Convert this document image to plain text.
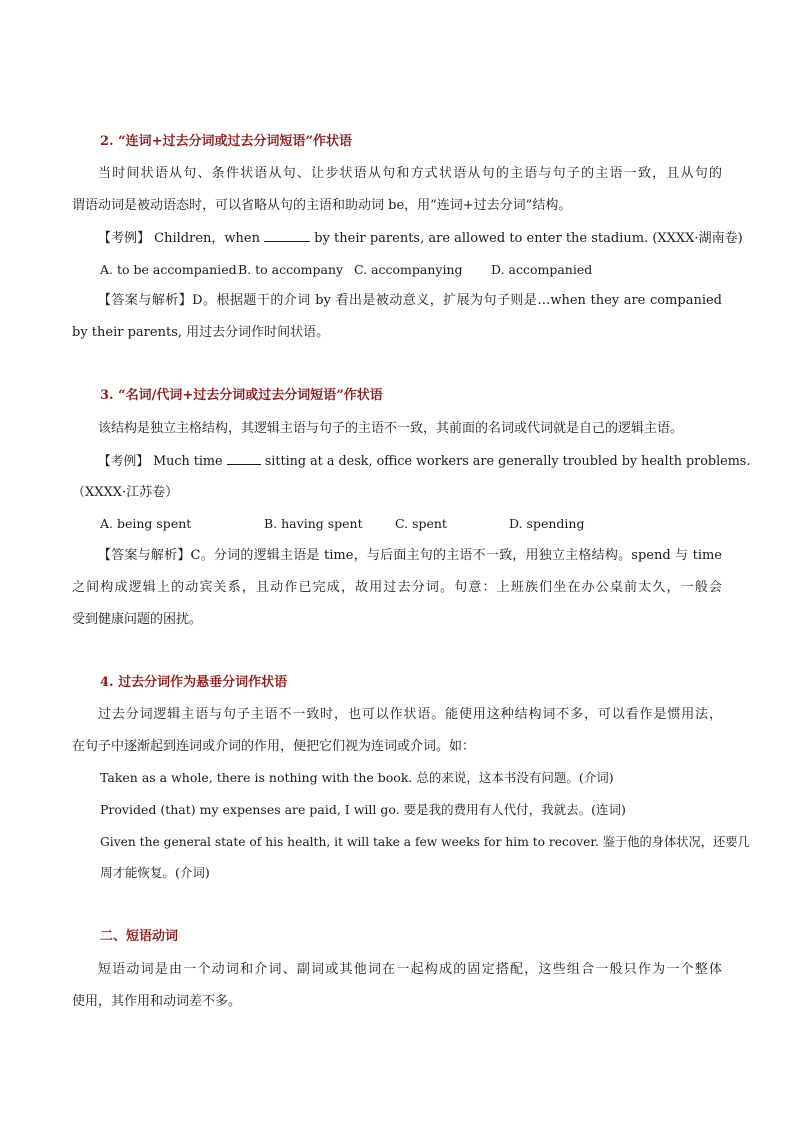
2. “连词+过去分词或过去分词短语”作状语
当时间状语从句、条件状语从句、让步状语从句和方式状语从句的主语与句子的主语一致，且从句的
谓语动词是被动语态时，可以省略从句的主语和助动词 be，用“连词+过去分词”结构。
【考例】 Children，when	by their parents, are allowed to enter the stadium. (XXXX·湖南卷)
A. to be accompaniedB. to accompany C. accompanying D. accompanied
【答案与解析】D。根据题干的介词 by 看出是被动意义，扩展为句子则是…when they are companied
by their parents, 用过去分词作时间状语。
3. “名词/代词+过去分词或过去分词短语”作状语
该结构是独立主格结构，其逻辑主语与句子的主语不一致，其前面的名词或代词就是自己的逻辑主语。
【考例】 Much time	sitting at a desk, office workers are generally troubled by health problems.
（XXXX·江苏卷）
A. being spent	B. having spent	C. spent	D. spending
【答案与解析】C。分词的逻辑主语是 time，与后面主句的主语不一致，用独立主格结构。spend 与 time
之间构成逻辑上的动宾关系，且动作已完成，故用过去分词。句意：上班族们坐在办公桌前太久，一般会
受到健康问题的困扰。
4. 过去分词作为悬垂分词作状语
过去分词逻辑主语与句子主语不一致时，也可以作状语。能使用这种结构词不多，可以看作是惯用法，
在句子中逐渐起到连词或介词的作用，便把它们视为连词或介词。如：
Taken as a whole, there is nothing with the book. 总的来说，这本书没有问题。(介词)
Provided (that) my expenses are paid, I will go. 要是我的费用有人代付，我就去。(连词)
Given the general state of his health, it will take a few weeks for him to recover. 鉴于他的身体状况，还要几
周才能恢复。(介词)
二、短语动词
短语动词是由一个动词和介词、副词或其他词在一起构成的固定搭配，这些组合一般只作为一个整体
使用，其作用和动词差不多。
